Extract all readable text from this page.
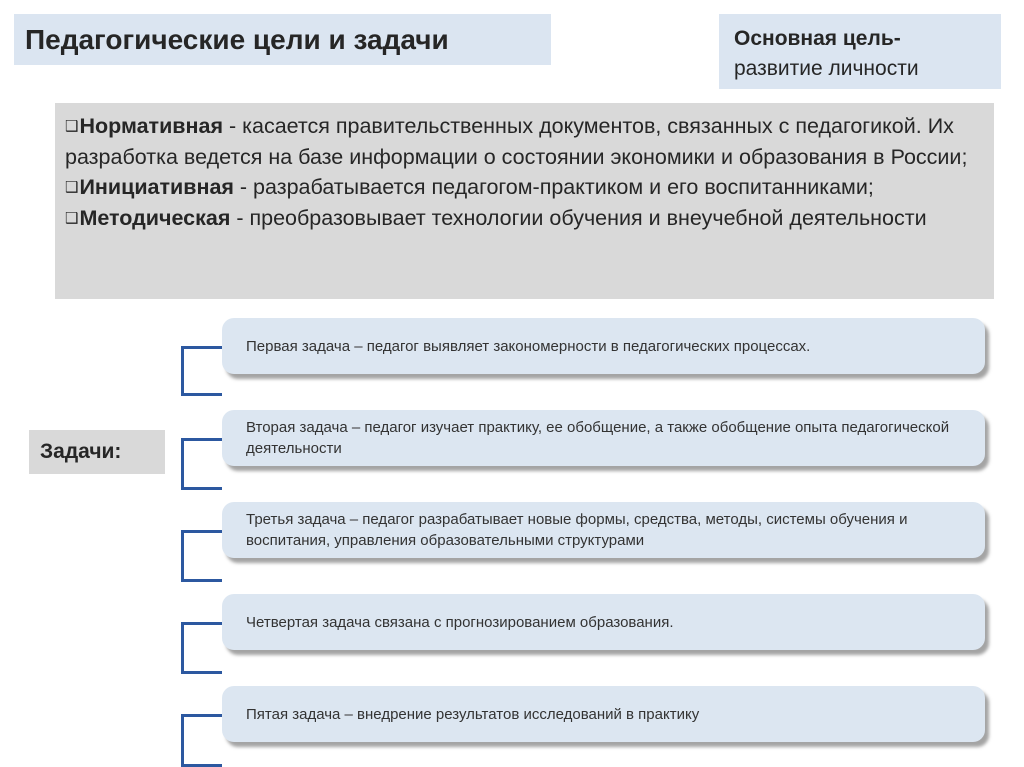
Педагогические цели и задачи	Основная цель-
развитие личности

❑Нормативная - касается правительственных документов, связанных с педагогикой. Их разработка ведется на базе информации о состоянии экономики и образования в России;

❑Инициативная - разрабатывается педагогом-практиком и его воспитанниками;

❑Методическая - преобразовывает технологии обучения и внеучебной деятельности

Задачи:
Первая задача – педагог выявляет закономерности в педагогических процессах.
Вторая задача – педагог изучает практику, ее обобщение, а также обобщение опыта педагогической деятельности
Третья задача – педагог разрабатывает новые формы, средства, методы, системы обучения и воспитания, управления образовательными структурами
Четвертая задача связана с прогнозированием образования.
Пятая задача – внедрение результатов исследований в практику
